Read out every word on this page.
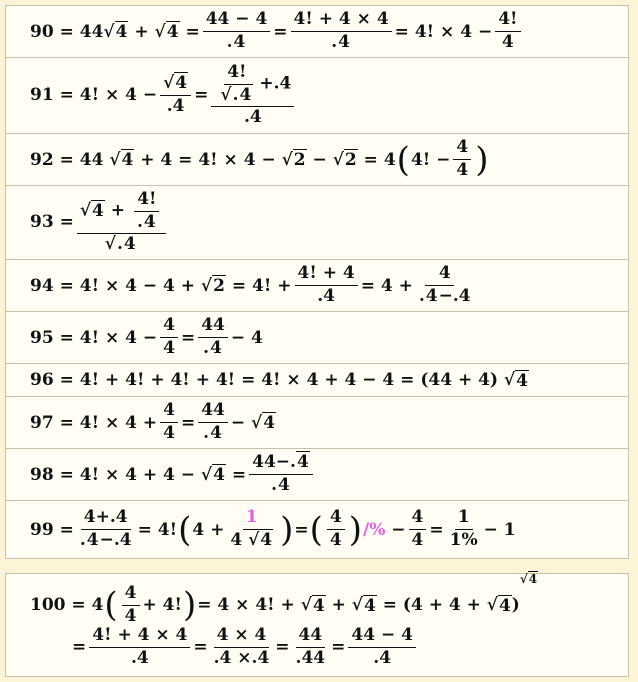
90 = 44 √4 + √ $4 = \frac{44 - 4}{.4} = \frac{4! + 4 \times 4}{.4} = 4$! × $4 - \frac{4!}{4}$
91 = 4! × $4 - \frac{√4}{.4} = \frac{\frac{4!}{√.4} +.4}{.4}$
92 = 44 √ 4 + 4 = 4! × 4 − √ 2 − √ 2 = 4 ( 4! − $\frac{4}{4}$ )
$93 = \frac{√4 + \frac{4!}{.4}}{√.4}$
94 = 4! × 4 − 4 + √ 2 = 4! + $\frac{4! + 4}{.4} = 4 + \frac{4}{.4-.4}$
95 = 4! × $4 - \frac{4}{4} = \frac{44}{.4} - 4$
96 = 4! + 4! + 4! + 4! = 4! × 4 + 4 − 4 = (44 + 4) √ 4
97 = 4! × $4 + \frac{4}{4} = \frac{44}{.4}$ − √ 4
98 = 4! × 4 + 4 − √ $4 = \frac{44-.4}{.4}$
$99 = \frac{4+.4}{.4-.4} = 4$! ( $4 + \frac{1}{4 √4}$ ) = ( $\frac{4}{4}$ ) /% − $\frac{4}{4} = \frac{1}{1\%} - 1$
100 = 4 ( $\frac{4}{4} + 4$! ) = 4 × 4! + √ 4 + √ 4 = (4 + 4 + √ 4 )
√4
= $\frac{4! + 4 \times 4}{.4} = \frac{4 \times 4}{.4 \times.4} = \frac{44}{.44} = \frac{44 - 4}{.4}$
